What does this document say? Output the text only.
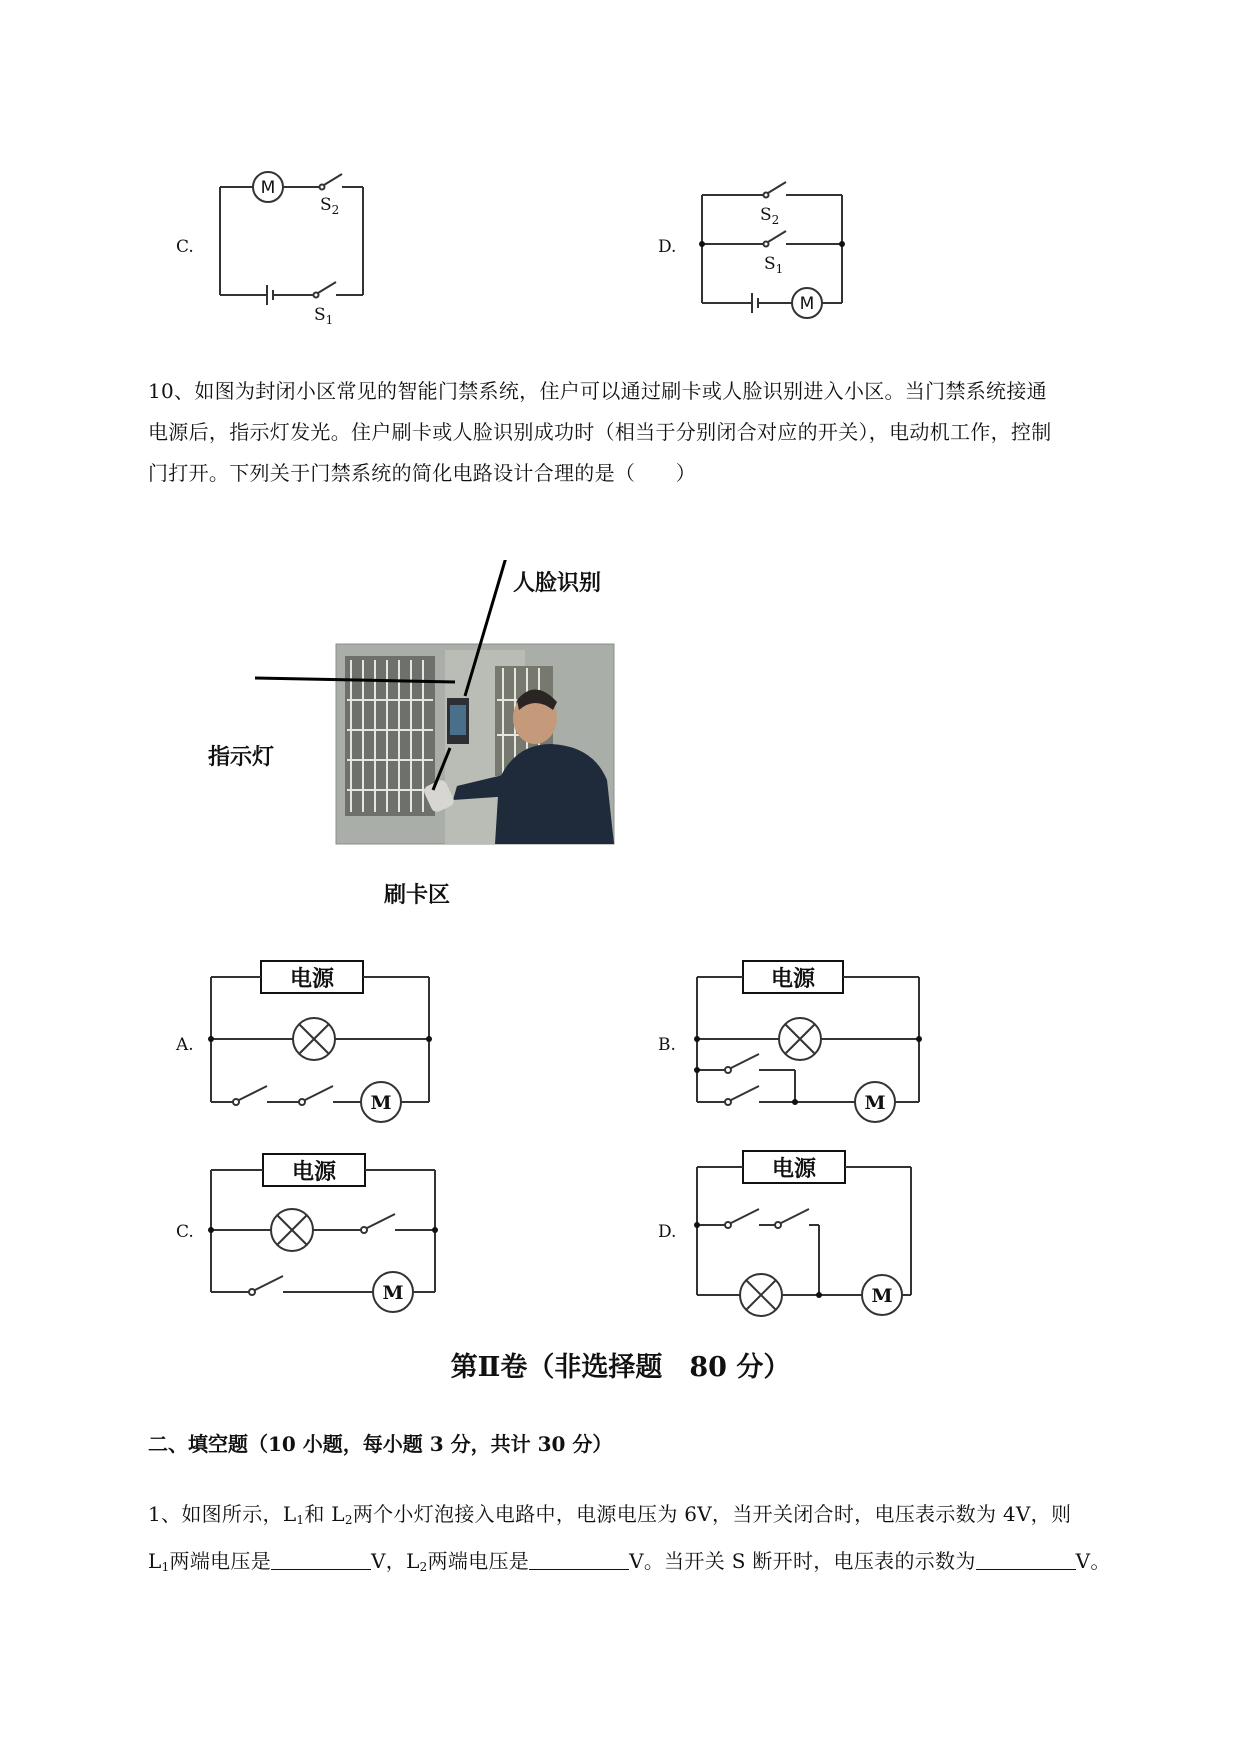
C.
M
$S_2$
$S_1$
D.
$S_2$
$S_1$
M
10、如图为封闭小区常见的智能门禁系统，住户可以通过刷卡或人脸识别进入小区。当门禁系统接通
电源后，指示灯发光。住户刷卡或人脸识别成功时（相当于分别闭合对应的开关），电动机工作，控制
门打开。下列关于门禁系统的简化电路设计合理的是（　　）
人脸识别
指示灯
刷卡区
A.
电源
M
B.
电源
M
C.
电源
M
D.
电源
M
第Ⅱ卷（非选择题　80 分）
二、填空题（10 小题，每小题 3 分，共计 30 分）
1、如图所示，$L_1$和 $L_2$两个小灯泡接入电路中，电源电压为 6V，当开关闭合时，电压表示数为 4V，则
$L_1$两端电压是	V，$L_2$两端电压是	V。当开关 S 断开时，电压表的示数为	V。
